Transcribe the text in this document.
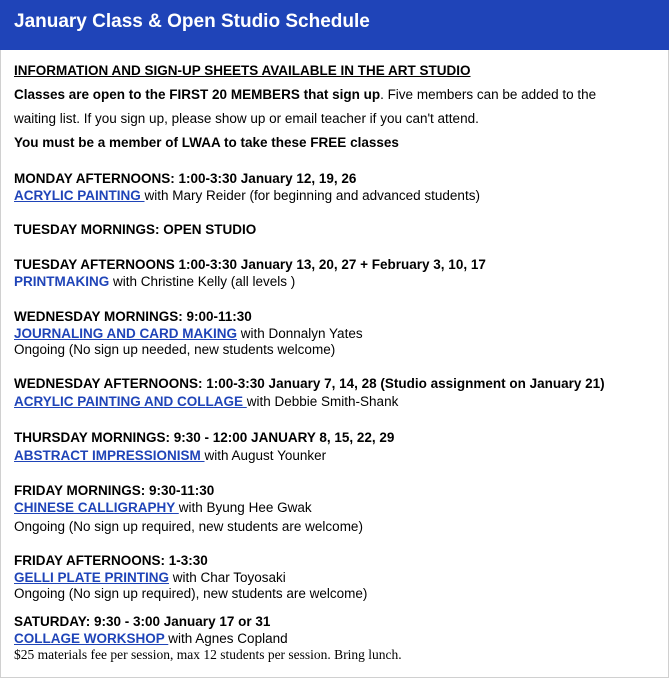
January Class & Open Studio Schedule
INFORMATION AND SIGN-UP SHEETS AVAILABLE IN THE ART STUDIO
Classes are open to the FIRST 20 MEMBERS that sign up. Five members can be added to the
waiting list. If you sign up, please show up or email teacher if you can't attend.
You must be a member of LWAA to take these FREE classes
MONDAY AFTERNOONS: 1:00-3:30 January 12, 19, 26
ACRYLIC PAINTING with Mary Reider (for beginning and advanced students)
TUESDAY MORNINGS: OPEN STUDIO
TUESDAY AFTERNOONS 1:00-3:30 January 13, 20, 27 + February 3, 10, 17
PRINTMAKING with Christine Kelly (all levels )
WEDNESDAY MORNINGS: 9:00-11:30
JOURNALING AND CARD MAKING with Donnalyn Yates
Ongoing (No sign up needed, new students welcome)
WEDNESDAY AFTERNOONS: 1:00-3:30 January 7, 14, 28 (Studio assignment on January 21)
ACRYLIC PAINTING AND COLLAGE with Debbie Smith-Shank
THURSDAY MORNINGS: 9:30 - 12:00 JANUARY 8, 15, 22, 29
ABSTRACT IMPRESSIONISM with August Younker
FRIDAY MORNINGS: 9:30-11:30
CHINESE CALLIGRAPHY with Byung Hee Gwak
Ongoing (No sign up required, new students are welcome)
FRIDAY AFTERNOONS: 1-3:30
GELLI PLATE PRINTING with Char Toyosaki
Ongoing (No sign up required), new students are welcome)
SATURDAY: 9:30 - 3:00 January 17 or 31
COLLAGE WORKSHOP with Agnes Copland
$25 materials fee per session, max 12 students per session. Bring lunch.
